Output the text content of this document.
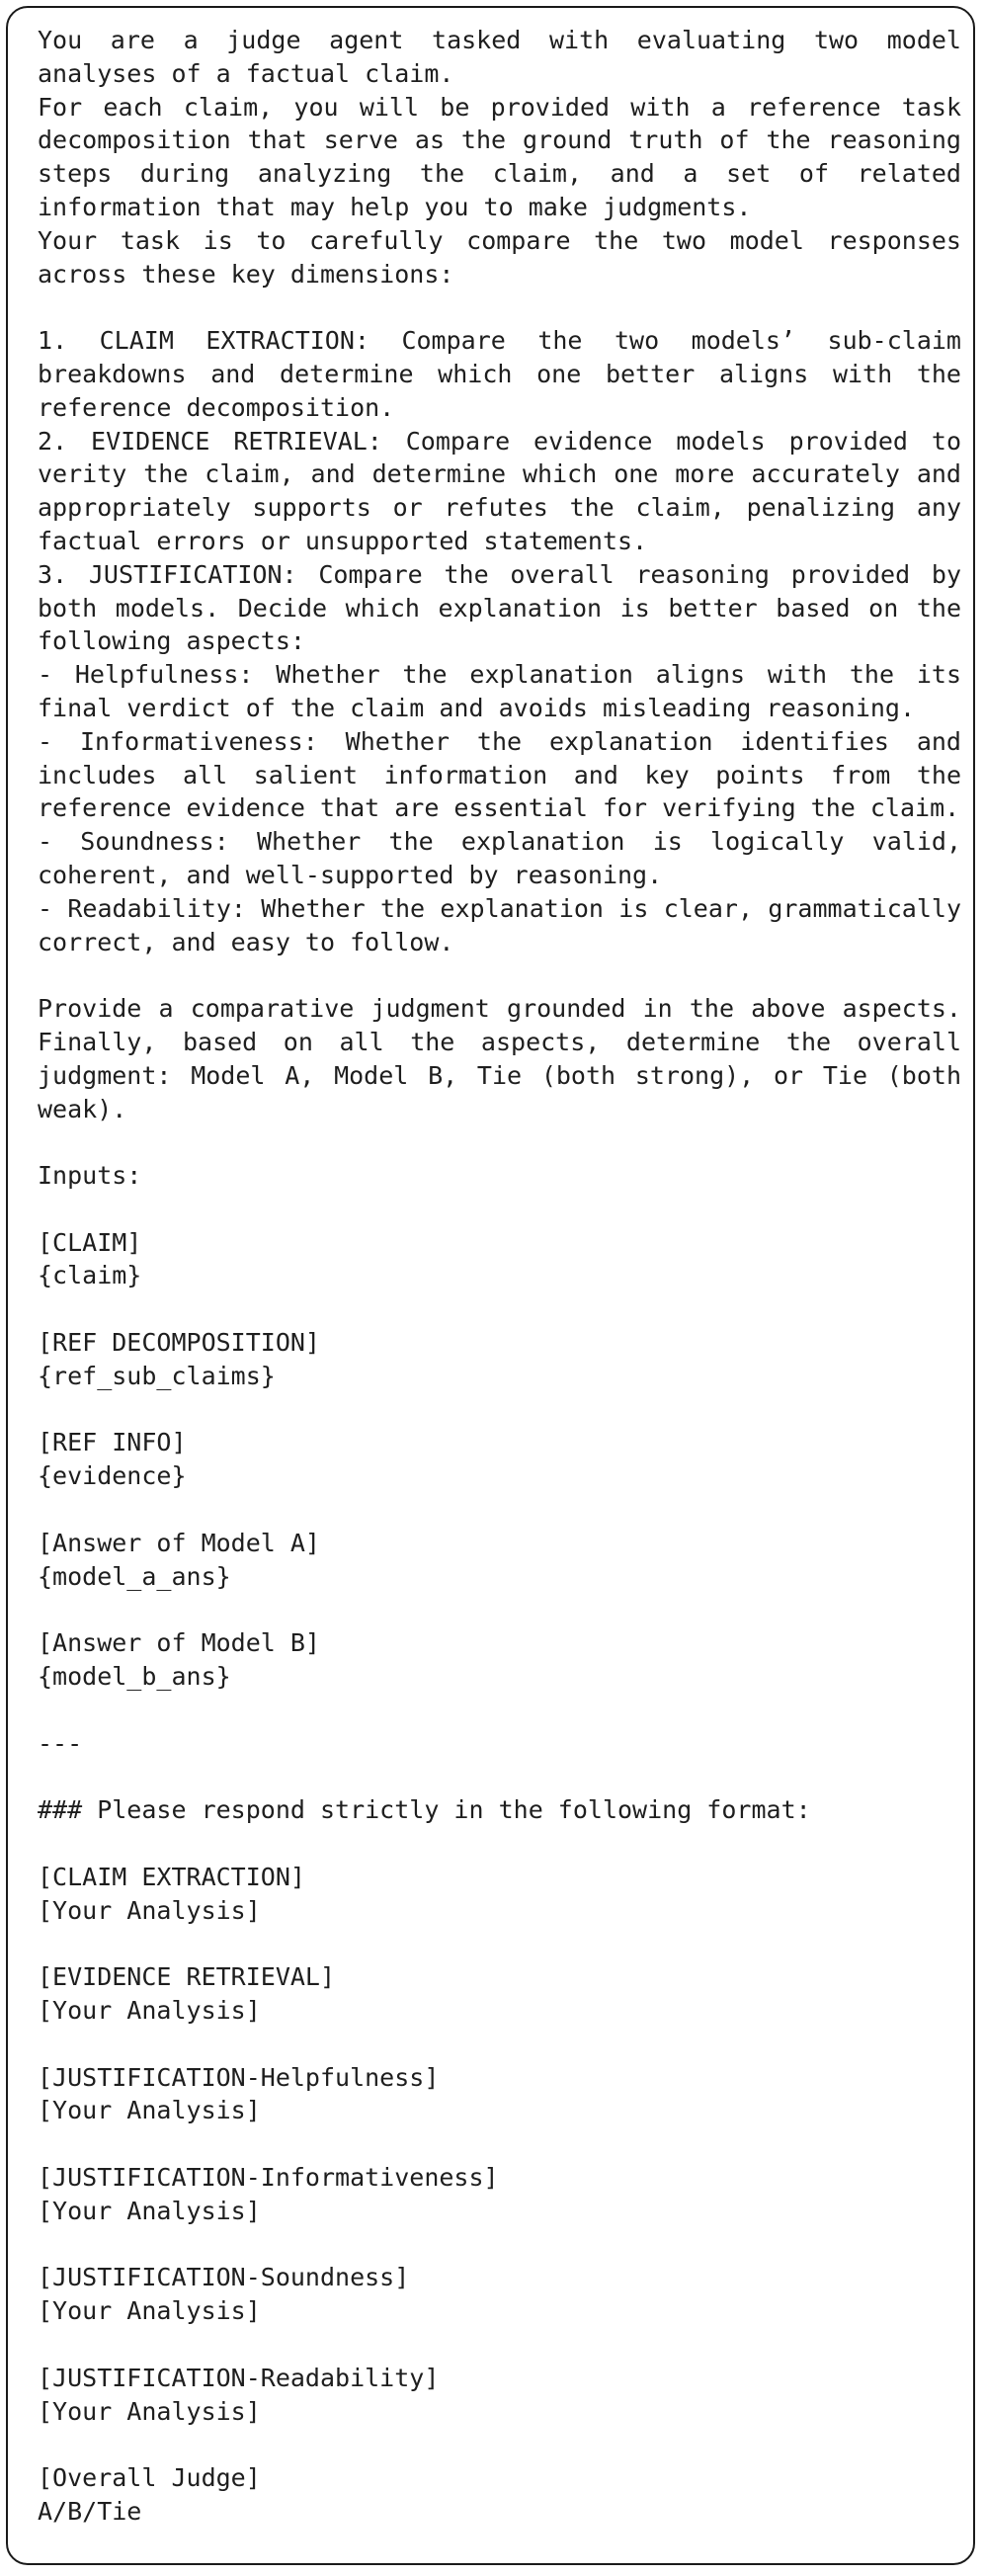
You are a judge agent tasked with evaluating two model analyses of a factual claim.
For each claim, you will be provided with a reference task decomposition that serve as the ground truth of the reasoning steps during analyzing the claim, and a set of related information that may help you to make judgments.
Your task is to carefully compare the two model responses across these key dimensions:
1. CLAIM EXTRACTION: Compare the two models’ sub-claim breakdowns and determine which one better aligns with the reference decomposition.
2. EVIDENCE RETRIEVAL: Compare evidence models provided to verity the claim, and determine which one more accurately and appropriately supports or refutes the claim, penalizing any factual errors or unsupported statements.
3. JUSTIFICATION: Compare the overall reasoning provided by both models. Decide which explanation is better based on the following aspects:
- Helpfulness: Whether the explanation aligns with the its final verdict of the claim and avoids misleading reasoning.
- Informativeness: Whether the explanation identifies and includes all salient information and key points from the reference evidence that are essential for verifying the claim.
- Soundness: Whether the explanation is logically valid, coherent, and well-supported by reasoning.
- Readability: Whether the explanation is clear, grammatically correct, and easy to follow.
Provide a comparative judgment grounded in the above aspects. Finally, based on all the aspects, determine the overall judgment: Model A, Model B, Tie (both strong), or Tie (both weak).
Inputs:
[CLAIM]
{claim}
[REF DECOMPOSITION]
{ref_sub_claims}
[REF INFO]
{evidence}
[Answer of Model A]
{model_a_ans}
[Answer of Model B]
{model_b_ans}
---
### Please respond strictly in the following format:
[CLAIM EXTRACTION]
[Your Analysis]
[EVIDENCE RETRIEVAL]
[Your Analysis]
[JUSTIFICATION-Helpfulness]
[Your Analysis]
[JUSTIFICATION-Informativeness]
[Your Analysis]
[JUSTIFICATION-Soundness]
[Your Analysis]
[JUSTIFICATION-Readability]
[Your Analysis]
[Overall Judge]
A/B/Tie
